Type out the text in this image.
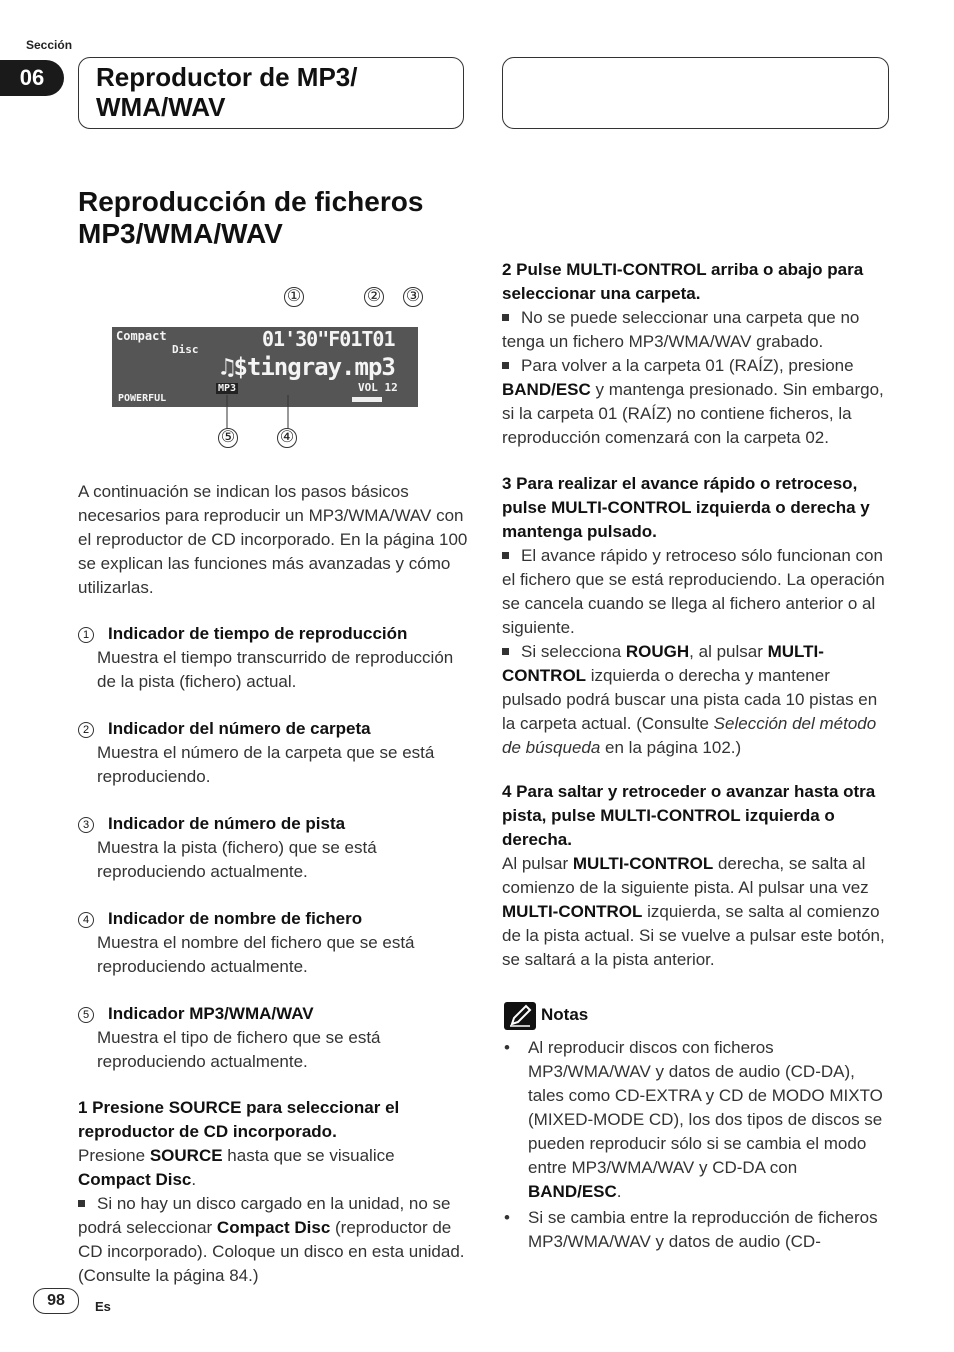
Sección
06	Reproductor de MP3/
WMA/WAV
Reproducción de ficheros
MP3/WMA/WAV
①	② ③
Compact
Disc	01'30"F01T01
♫$tingray.mp3
MP3	VOL 12
POWERFUL
⑤	④
A continuación se indican los pasos básicos necesarios para reproducir un MP3/WMA/WAV con el reproductor de CD incorporado. En la página 100 se explican las funciones más avanzadas y cómo utilizarlas.
1 Indicador de tiempo de reproducción
Muestra el tiempo transcurrido de reproducción de la pista (fichero) actual.
2 Indicador del número de carpeta
Muestra el número de la carpeta que se está reproduciendo.
3 Indicador de número de pista
Muestra la pista (fichero) que se está reproduciendo actualmente.
4 Indicador de nombre de fichero
Muestra el nombre del fichero que se está reproduciendo actualmente.
5 Indicador MP3/WMA/WAV
Muestra el tipo de fichero que se está reproduciendo actualmente.
1 Presione SOURCE para seleccionar el reproductor de CD incorporado.
Presione SOURCE hasta que se visualice Compact Disc.
Si no hay un disco cargado en la unidad, no se podrá seleccionar Compact Disc (reproductor de CD incorporado). Coloque un disco en esta unidad. (Consulte la página 84.)
2 Pulse MULTI-CONTROL arriba o abajo para seleccionar una carpeta.
No se puede seleccionar una carpeta que no tenga un fichero MP3/WMA/WAV grabado.
Para volver a la carpeta 01 (RAÍZ), presione BAND/ESC y mantenga presionado. Sin embargo, si la carpeta 01 (RAÍZ) no contiene ficheros, la reproducción comenzará con la carpeta 02.
3 Para realizar el avance rápido o retroceso, pulse MULTI-CONTROL izquierda o derecha y mantenga pulsado.
El avance rápido y retroceso sólo funcionan con el fichero que se está reproduciendo. La operación se cancela cuando se llega al fichero anterior o al siguiente.
Si selecciona ROUGH, al pulsar MULTI-CONTROL izquierda o derecha y mantener pulsado podrá buscar una pista cada 10 pistas en la carpeta actual. (Consulte Selección del método de búsqueda en la página 102.)
4 Para saltar y retroceder o avanzar hasta otra pista, pulse MULTI-CONTROL izquierda o derecha.
Al pulsar MULTI-CONTROL derecha, se salta al comienzo de la siguiente pista. Al pulsar una vez MULTI-CONTROL izquierda, se salta al comienzo de la pista actual. Si se vuelve a pulsar este botón, se saltará a la pista anterior.
Notas
• Al reproducir discos con ficheros MP3/WMA/WAV y datos de audio (CD-DA), tales como CD-EXTRA y CD de MODO MIXTO (MIXED-MODE CD), los dos tipos de discos se pueden reproducir sólo si se cambia el modo entre MP3/WMA/WAV y CD-DA con BAND/ESC.
• Si se cambia entre la reproducción de ficheros MP3/WMA/WAV y datos de audio (CD-
98	Es
